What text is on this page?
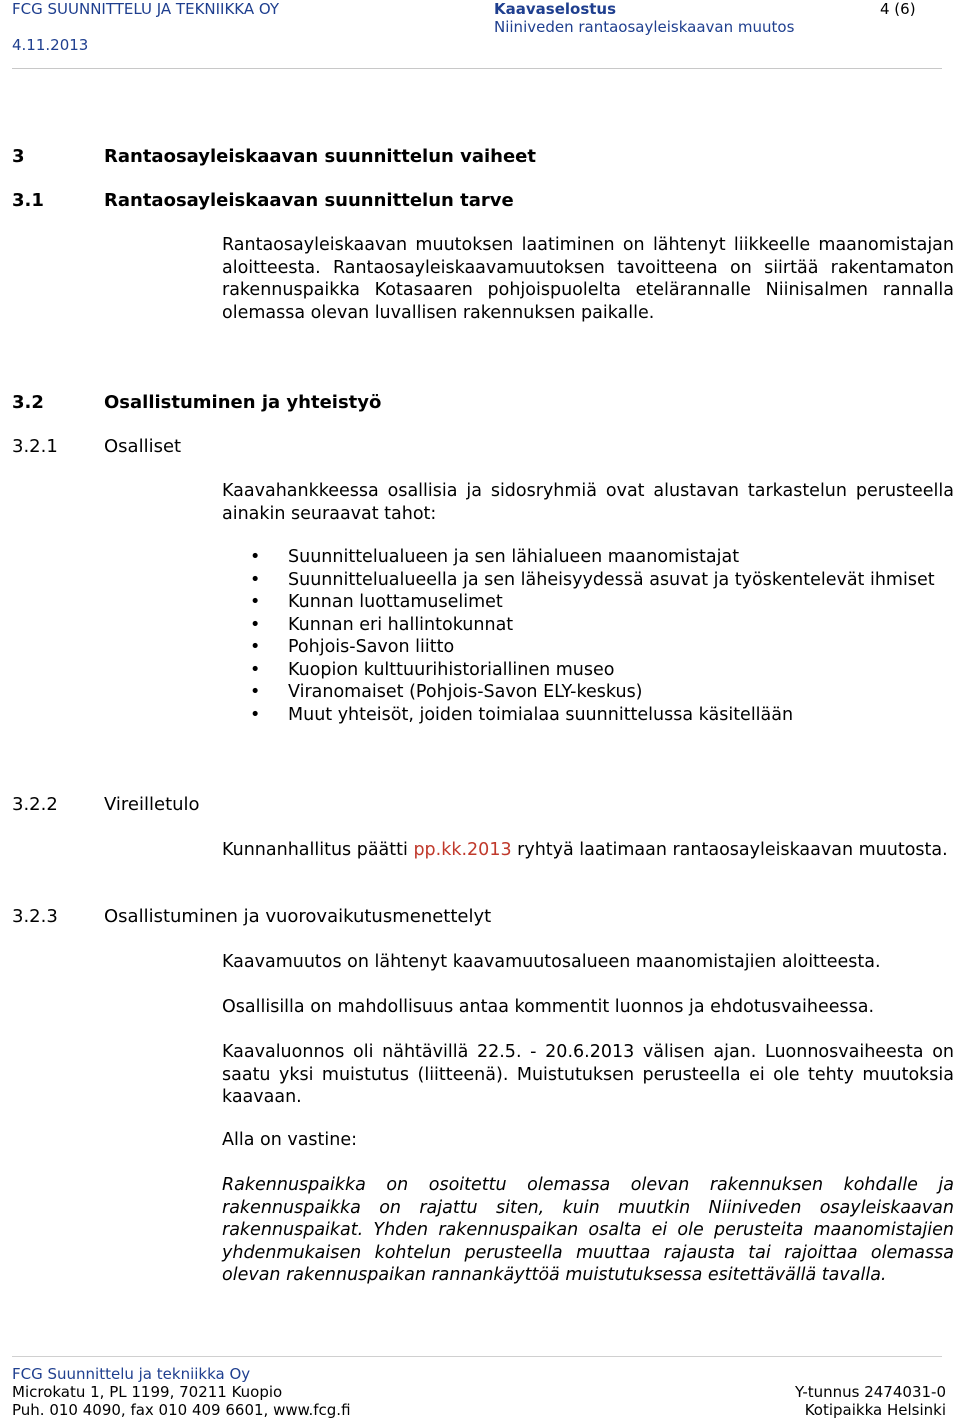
FCG SUUNNITTELU JA TEKNIIKKA OY
4.11.2013
Kaavaselostus
Niiniveden rantaosayleiskaavan muutos
4 (6)
3	Rantaosayleiskaavan suunnittelun vaiheet
3.1	Rantaosayleiskaavan suunnittelun tarve

Rantaosayleiskaavan muutoksen laatiminen on lähtenyt liikkeelle maanomistajan aloitteesta. Rantaosayleiskaavamuutoksen tavoitteena on siirtää rakentamaton rakennuspaikka Kotasaaren pohjoispuolelta etelärannalle Niinisalmen rannalla olemassa olevan luvallisen rakennuksen paikalle.

3.2	Osallistuminen ja yhteistyö
3.2.1	Osalliset

Kaavahankkeessa osallisia ja sidosryhmiä ovat alustavan tarkastelun perusteella ainakin seuraavat tahot:

• Suunnittelualueen ja sen lähialueen maanomistajat
• Suunnittelualueella ja sen läheisyydessä asuvat ja työskentelevät ihmiset
• Kunnan luottamuselimet
• Kunnan eri hallintokunnat
• Pohjois-Savon liitto
• Kuopion kulttuurihistoriallinen museo
• Viranomaiset (Pohjois-Savon ELY-keskus)
• Muut yhteisöt, joiden toimialaa suunnittelussa käsitellään
3.2.2	Vireilletulo

Kunnanhallitus päätti pp.kk.2013 ryhtyä laatimaan rantaosayleiskaavan muutosta.

3.2.3	Osallistuminen ja vuorovaikutusmenettelyt

Kaavamuutos on lähtenyt kaavamuutosalueen maanomistajien aloitteesta.

Osallisilla on mahdollisuus antaa kommentit luonnos ja ehdotusvaiheessa.

Kaavaluonnos oli nähtävillä 22.5. - 20.6.2013 välisen ajan. Luonnosvaiheesta on saatu yksi muistutus (liitteenä). Muistutuksen perusteella ei ole tehty muutoksia kaavaan.

Alla on vastine:

Rakennuspaikka on osoitettu olemassa olevan rakennuksen kohdalle ja rakennuspaikka on rajattu siten, kuin muutkin Niiniveden osayleiskaavan rakennuspaikat. Yhden rakennuspaikan osalta ei ole perusteita maanomistajien yhdenmukaisen kohtelun perusteella muuttaa rajausta tai rajoittaa olemassa olevan rakennuspaikan rannankäyttöä muistutuksessa esitettävällä tavalla.

FCG Suunnittelu ja tekniikka Oy
Microkatu 1, PL 1199, 70211 Kuopio
Puh. 010 4090, fax 010 409 6601, www.fcg.fi
Y-tunnus 2474031-0
Kotipaikka Helsinki
